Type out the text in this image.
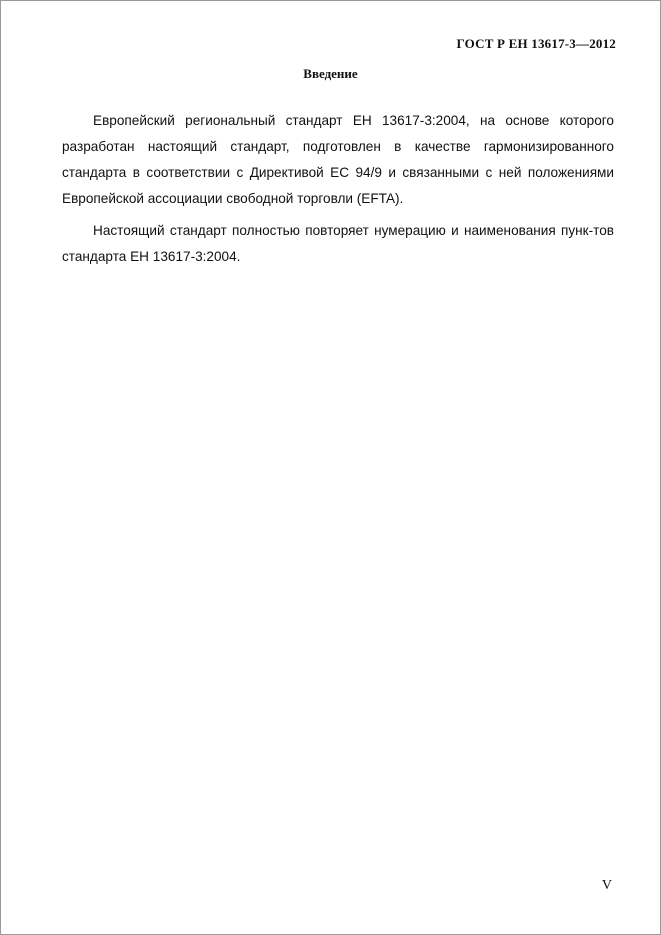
ГОСТ Р ЕН 13617-3—2012
Введение

Европейский региональный стандарт ЕН 13617-3:2004, на основе которого разработан настоящий стандарт, подготовлен в качестве гармонизированного стандарта в соответствии с Директивой ЕС 94/9 и связанными с ней положениями Европейской ассоциации свободной торговли (EFTA).

Настоящий стандарт полностью повторяет нумерацию и наименования пунк-тов стандарта ЕН 13617-3:2004.

V
